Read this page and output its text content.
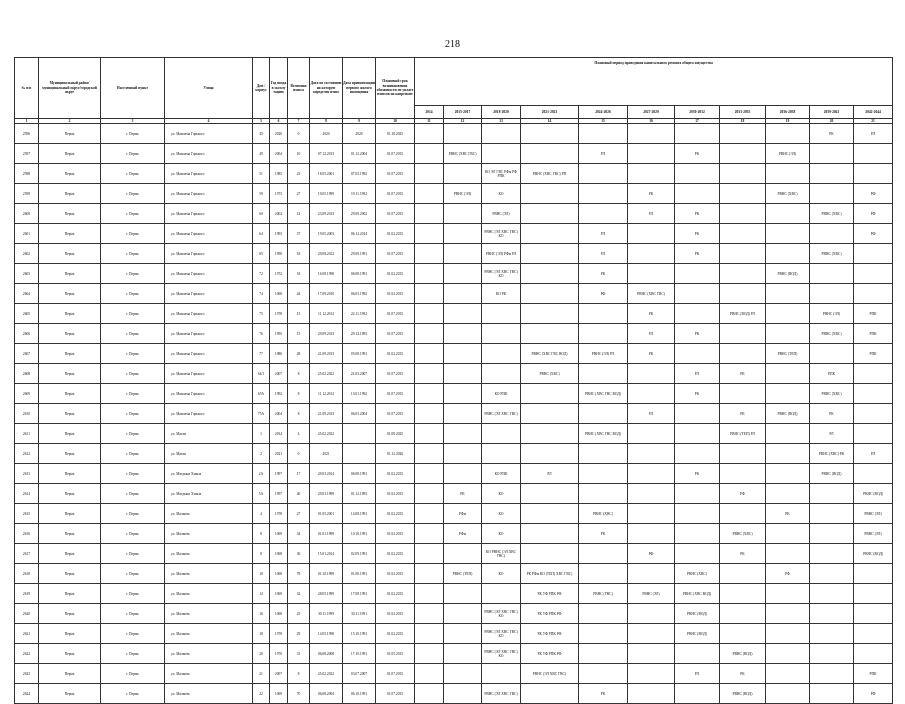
218
№ п/п	Муниципальный район/ муниципальный округ/городской округ	Населенный пункт	Улица	Дом / корпус	Год ввода в эксплу тацию	Величина износа	Дата по состоянию на которую определен износ	Дата приватизации первого жилого помещения	Плановый срок возникновения обязанности по уплате взносов на капремонт	Плановый период проведения капитального ремонта общего имущества										
										2014	2015-2017	2018-2020	2021-2023	2024-2026	2027-2029	2030-2032	2033-2035	2036-2038	2039-2041	2042-2044
1	2	3	4	5	6	7	8	9	10	11	12	13	14	15	16	17	18	19	20	21
2596	Пермь	г. Пермь	ул. Максима Горького	45	2020	0	2020	2020	01.10.2025										РК	РЛ
2597	Пермь	г. Пермь	ул. Максима Горького	49	2004	10	07.12.2013	01.12.2004	01.07.2015		РВНС (ХВС ГВС)			РЛ		РК		РВНС (ЭЛ)		
2598	Пермь	г. Пермь	ул. Максима Горького	51	1985	23	18.05.2001	07.03.1992	01.07.2015			КО ЭЛ ГВС РФм РФ РПК	РВНС (ХВС ГВС) РП							
2599	Пермь	г. Пермь	ул. Максима Горького	59	1973	27	19.05.1999	19.11.1992	01.07.2015		РВНС (ЭЛ)	КО			РК			РВНС (ХВС)		РФ
2600	Пермь	г. Пермь	ул. Максима Горького	60	2002	12	23.09.2013	29.09.2002	01.07.2015			РВНС (ЭЛ)			РЛ	РК			РВНС (ХВС)	РФ
2601	Пермь	г. Пермь	ул. Максима Горького	64	1993	37	19.05.2003	06.12.2014	01.02.2015			РВНС (ЭЛ ХВС ГВС) КО		РЛ		РК				РФ
2602	Пермь	г. Пермь	ул. Максима Горького	65	1990	18	29.08.2012	29.09.1991	01.07.2015			РВНС (ЭЛ) РФм РЛ		РЛ		РК			РВНС (ХВС)	
2603	Пермь	г. Пермь	ул. Максима Горького	72	1972	18	16.08.1998	06.08.1991	01.02.2015			РВНС (ЭЛ ХВС ГВС) КО		РК				РВНС (ВОД)		
2604	Пермь	г. Пермь	ул. Максима Горького	74	1960	44	17.09.2010	06.03.1992	01.02.2015			КО РК		РФ	РВНС (ХВС ГВС)					
2605	Пермь	г. Пермь	ул. Максима Горького	75	1978	15	11.12.2012	22.11.1992	01.07.2015						РК		РВНС (ВОД) РЛ		РВНС (ЭЛ)	РПК
2606	Пермь	г. Пермь	ул. Максима Горького	76	1995	15	29.09.2013	29.12.1993	01.07.2015						РЛ	РК			РВНС (ХВС)	РПК
2607	Пермь	г. Пермь	ул. Максима Горького	77	1986	28	21.09.2013	05.08.1991	01.02.2015				РВНС (ХВС ГВС ВОД)	РВНС (ЭЛ) РЛ	РК			РВНС (ТЕП)		РПК
2608	Пермь	г. Пермь	ул. Максима Горького	64/1	2007	8	25.02.2022	21.03.2007	01.07.2015				РВНС (ХВС)			РЛ	РК		РПК	
2609	Пермь	г. Пермь	ул. Максима Горького	65А	1992	8	11.12.2012	13.01.1992	01.07.2015			КО РПК		РВНС (ХВС ГВС ВОД)		РК			РВНС (ХВС)	
2610	Пермь	г. Пермь	ул. Максима Горького	75А	2004	8	21.09.2013	06.03.2004	01.07.2015			РВНС (ЭЛ ХВС ГВС)			РЛ		РК	РВНС (ВОД)	РК	
2611	Пермь	г. Пермь	ул. Магаи	1	2014	4	25.02.2022		01.08.2025					РВНС (ХВС ГВС ВОД)			РВНС (ТЕП) РЛ		РЛ	
2612	Пермь	г. Пермь	ул. Магаи	2	2021	0	2021		01.12.2026										РВНС (ХВС) РК	РЛ
2613	Пермь	г. Пермь	ул. Магдына Хмыза	2А	1997	17	29.03.2014	06.08.1991	01.02.2015			КО РПК	РЛ			РК			РВНС (ВОД)	
2614	Пермь	г. Пермь	ул. Магдына Хмыза	5А	1997	40	29.03.1999	01.12.1993	01.02.2015		РК	КО					РФ			РВНС (ВОД)
2615	Пермь	г. Пермь	ул. Малкова	4	1978	27	01.05.2001	14.08.1991	01.02.2015		РФм	КО		РВНС (ХВС)				РК		РВНС (ЭЛ)
2616	Пермь	г. Пермь	ул. Малкова	8	1969	34	01.01.1999	10.10.1991	01.02.2015		РФм	КО		РК			РВНС (ХВС)			РВНС (ЭЛ)
2617	Пермь	г. Пермь	ул. Малкова	8	1968	36	15.01.2014	02.09.1991	01.02.2015			КО РВНС (ЭЛ ХВС ГВС)			РФ		РК			РВНС (ВОД)
2618	Пермь	г. Пермь	ул. Малкова	10	1968	78	01.10.1999	01.08.1991	01.02.2015		РВНС (ТЕП)	КО	РК РФм КО (ТЕП) ХВС ГВС)			РВНС (ХВС)		РФ		
2619	Пермь	г. Пермь	ул. Малкова	14	1969	32	28.05.1999	17.08.1991	01.02.2015				РК УФ РПК РФ	РВНС (ГВС)	РВНС (ЭЛ)	РВНС (ХВС ВОД)				
2620	Пермь	г. Пермь	ул. Малкова	16	1968	25	30.11.1999	30.11.1991	01.02.2015			РВНС (ЭЛ ХВС ГВС) КО	РК УФ РПК РФ			РВНС (ВОД)				
2621	Пермь	г. Пермь	ул. Малкова	18	1970	29	14.05.1998	15.10.1991	01.02.2015			РВНС (ЭЛ ХВС ГВС) КО	РК УФ РПК РФ			РВНС (ВОД)				
2622	Пермь	г. Пермь	ул. Малкова	20	1970	31	06.08.2008	17.10.1991	01.05.2015			РВНС (ЭЛ ХВС ГВС) КО	РК УФ РПК РФ				РВНС (ВОД)			
2623	Пермь	г. Пермь	ул. Малкова	21	2007	8	25.02.2022	03.07.2007	01.07.2015				РВНС (ЭЛ ХВС ГВС)			РЛ	РК			РПК
2624	Пермь	г. Пермь	ул. Малкова	22	1969	70	06.08.2004	06.10.1991	01.07.2015			РВНС (ЭЛ ХВС ГВС)		РК			РВНС (ВОД)			РФ
